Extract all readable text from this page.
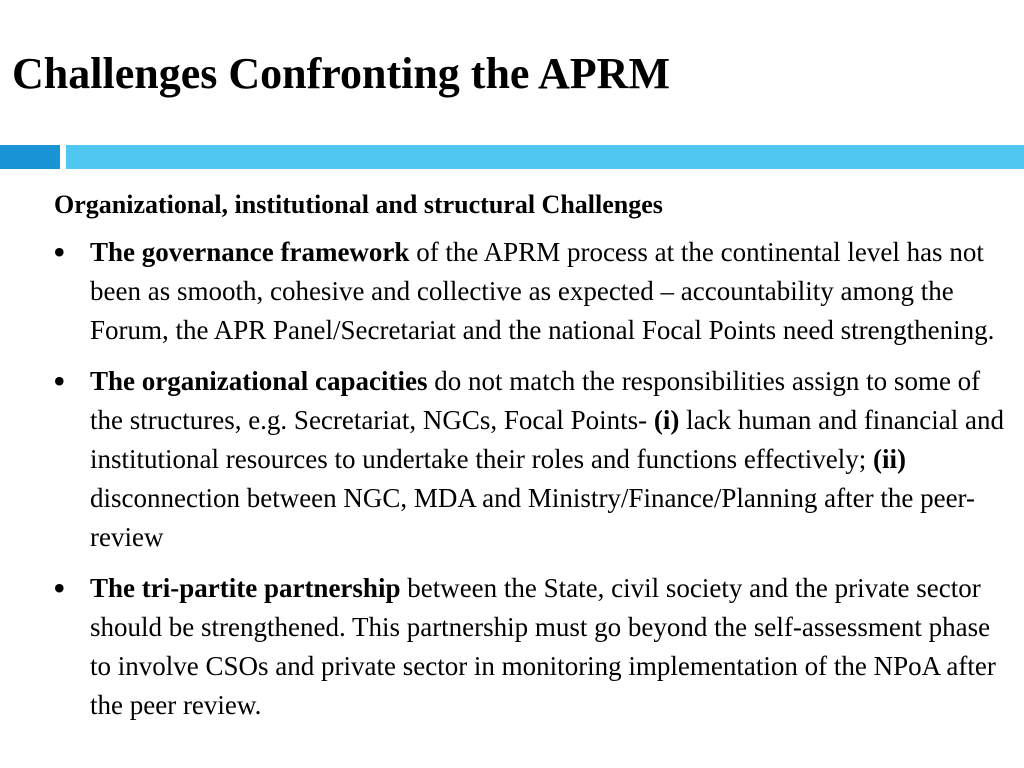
Challenges Confronting the APRM

Organizational, institutional and structural Challenges

• The governance framework of the APRM process at the continental level has not been as smooth, cohesive and collective as expected – accountability among the Forum, the APR Panel/Secretariat and the national Focal Points need strengthening.
• The organizational capacities do not match the responsibilities assign to some of the structures, e.g. Secretariat, NGCs, Focal Points- (i) lack human and financial and institutional resources to undertake their roles and functions effectively; (ii) disconnection between NGC, MDA and Ministry/Finance/Planning after the peer-review
• The tri-partite partnership between the State, civil society and the private sector should be strengthened. This partnership must go beyond the self-assessment phase to involve CSOs and private sector in monitoring implementation of the NPoA after the peer review.
